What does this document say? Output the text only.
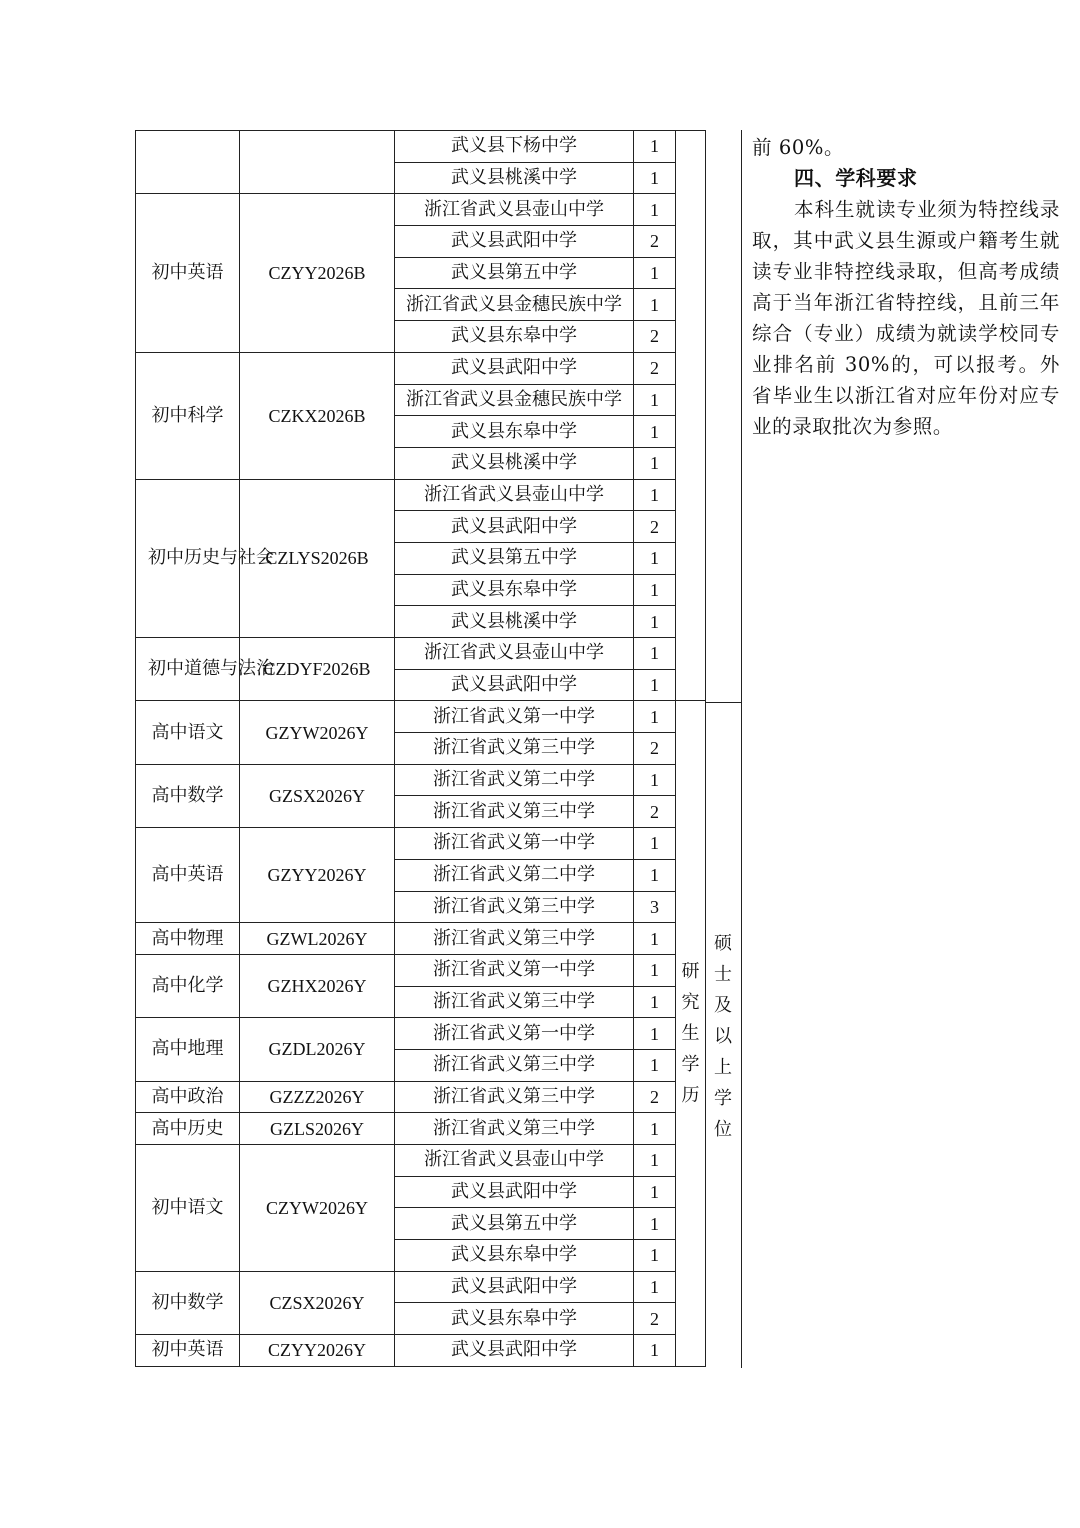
		武义县下杨中学	1	
		武义县桃溪中学	1	
初中英语	CZYY2026B	浙江省武义县壶山中学	1	
		武义县武阳中学	2	
		武义县第五中学	1	
		浙江省武义县金穗民族中学	1	
		武义县东皋中学	2	
初中科学	CZKX2026B	武义县武阳中学	2	
		浙江省武义县金穗民族中学	1	
		武义县东皋中学	1	
		武义县桃溪中学	1	
初中历史与社会	CZLYS2026B	浙江省武义县壶山中学	1	
		武义县武阳中学	2	
		武义县第五中学	1	
		武义县东皋中学	1	
		武义县桃溪中学	1	
初中道德与法治	CZDYF2026B	浙江省武义县壶山中学	1	
		武义县武阳中学	1	
高中语文	GZYW2026Y	浙江省武义第一中学	1	研究生学历
		浙江省武义第三中学	2	
高中数学	GZSX2026Y	浙江省武义第二中学	1	
		浙江省武义第三中学	2	
高中英语	GZYY2026Y	浙江省武义第一中学	1	
		浙江省武义第二中学	1	
		浙江省武义第三中学	3	
高中物理	GZWL2026Y	浙江省武义第三中学	1	
高中化学	GZHX2026Y	浙江省武义第一中学	1	
		浙江省武义第三中学	1	
高中地理	GZDL2026Y	浙江省武义第一中学	1	
		浙江省武义第三中学	1	
高中政治	GZZZ2026Y	浙江省武义第三中学	2	
高中历史	GZLS2026Y	浙江省武义第三中学	1	
初中语文	CZYW2026Y	浙江省武义县壶山中学	1	
		武义县武阳中学	1	
		武义县第五中学	1	
		武义县东皋中学	1	
初中数学	CZSX2026Y	武义县武阳中学	1	
		武义县东皋中学	2	
初中英语	CZYY2026Y	武义县武阳中学	1	
硕士及以上学位

前 60%。

四、学科要求

本科生就读专业须为特控线录取，其中武义县生源或户籍考生就读专业非特控线录取，但高考成绩高于当年浙江省特控线，且前三年综合（专业）成绩为就读学校同专业排名前 30%的，可以报考。外省毕业生以浙江省对应年份对应专业的录取批次为参照。
